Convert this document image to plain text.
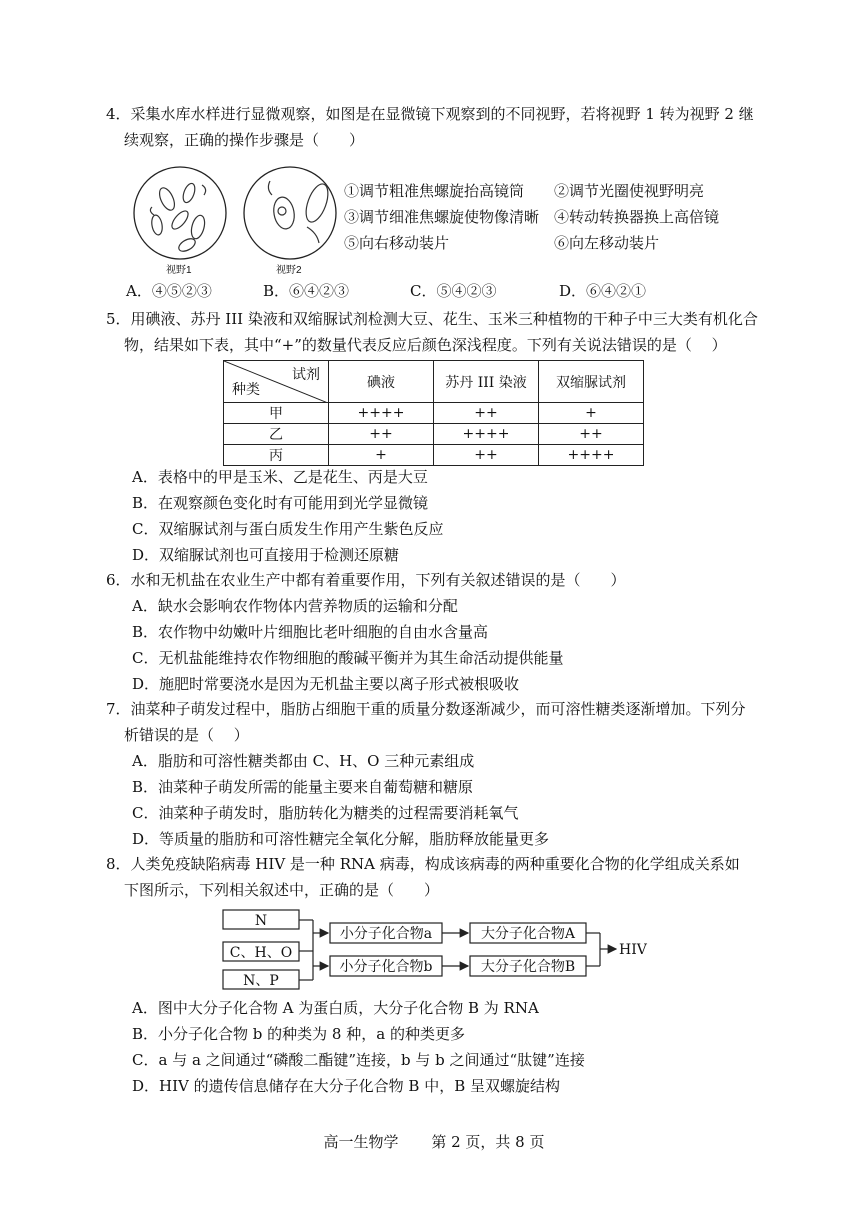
4．采集水库水样进行显微观察，如图是在显微镜下观察到的不同视野，若将视野 1 转为视野 2 继
续观察，正确的操作步骤是（　　）
视野1	视野2
①调节粗准焦螺旋抬高镜筒	②调节光圈使视野明亮
③调节细准焦螺旋使物像清晰 ④转动转换器换上高倍镜
⑤向右移动装片	⑥向左移动装片
A．④⑤②③	B．⑥④②③	C．⑤④②③	D．⑥④②①
5．用碘液、苏丹 III 染液和双缩脲试剂检测大豆、花生、玉米三种植物的干种子中三大类有机化合
物，结果如下表，其中“+”的数量代表反应后颜色深浅程度。下列有关说法错误的是（　 ）
试剂
种类	碘液	苏丹 III 染液	双缩脲试剂
甲	++++	++	+
乙	++	++++	++
丙	+	++	++++
A．表格中的甲是玉米、乙是花生、丙是大豆
B．在观察颜色变化时有可能用到光学显微镜
C．双缩脲试剂与蛋白质发生作用产生紫色反应
D．双缩脲试剂也可直接用于检测还原糖
6．水和无机盐在农业生产中都有着重要作用，下列有关叙述错误的是（　　）
A．缺水会影响农作物体内营养物质的运输和分配
B．农作物中幼嫩叶片细胞比老叶细胞的自由水含量高
C．无机盐能维持农作物细胞的酸碱平衡并为其生命活动提供能量
D．施肥时常要浇水是因为无机盐主要以离子形式被根吸收
7．油菜种子萌发过程中，脂肪占细胞干重的质量分数逐渐减少，而可溶性糖类逐渐增加。下列分
析错误的是（　 ）
A．脂肪和可溶性糖类都由 C、H、O 三种元素组成
B．油菜种子萌发所需的能量主要来自葡萄糖和糖原
C．油菜种子萌发时，脂肪转化为糖类的过程需要消耗氧气
D．等质量的脂肪和可溶性糖完全氧化分解，脂肪释放能量更多
8．人类免疫缺陷病毒 HIV 是一种 RNA 病毒，构成该病毒的两种重要化合物的化学组成关系如
下图所示，下列相关叙述中，正确的是（　　）
N
C、H、O
N、P
小分子化合物a
小分子化合物b
大分子化合物A
大分子化合物B
HIV
A．图中大分子化合物 A 为蛋白质，大分子化合物 B 为 RNA
B．小分子化合物 b 的种类为 8 种，a 的种类更多
C．a 与 a 之间通过“磷酸二酯键”连接，b 与 b 之间通过“肽键”连接
D．HIV 的遗传信息储存在大分子化合物 B 中，B 呈双螺旋结构
高一生物学 第 2 页，共 8 页
